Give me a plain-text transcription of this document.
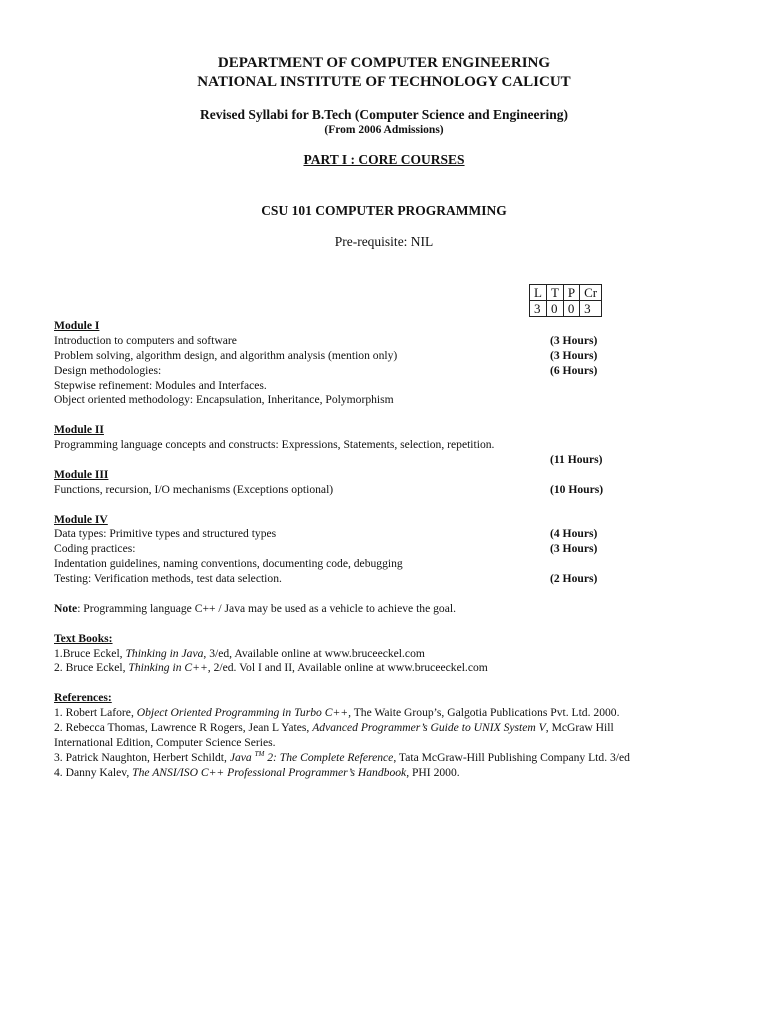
DEPARTMENT OF COMPUTER ENGINEERING
NATIONAL INSTITUTE OF TECHNOLOGY CALICUT
Revised Syllabi for B.Tech (Computer Science and Engineering)
(From 2006 Admissions)
PART I : CORE COURSES
CSU 101 COMPUTER PROGRAMMING
Pre-requisite: NIL
L	T	P	Cr
3	0	0	3
Module I
Introduction to computers and software	(3 Hours)
Problem solving, algorithm design, and algorithm analysis (mention only)	(3 Hours)
Design methodologies:	(6 Hours)
Stepwise refinement: Modules and Interfaces.
Object oriented methodology: Encapsulation, Inheritance, Polymorphism
Module II
Programming language concepts and constructs: Expressions, Statements, selection, repetition.
(11 Hours)
Module III
Functions, recursion, I/O mechanisms (Exceptions optional)	(10 Hours)
Module IV
Data types: Primitive types and structured types	(4 Hours)
Coding practices:	(3 Hours)
Indentation guidelines, naming conventions, documenting code, debugging
Testing: Verification methods, test data selection.	(2 Hours)
Note: Programming language C++ / Java may be used as a vehicle to achieve the goal.
Text Books:
1.Bruce Eckel, Thinking in Java, 3/ed, Available online at www.bruceeckel.com
2. Bruce Eckel, Thinking in C++, 2/ed. Vol I and II, Available online at www.bruceeckel.com
References:
1. Robert Lafore, Object Oriented Programming in Turbo C++, The Waite Group’s, Galgotia Publications Pvt. Ltd. 2000.
2. Rebecca Thomas, Lawrence R Rogers, Jean L Yates, Advanced Programmer’s Guide to UNIX System V, McGraw Hill
International Edition, Computer Science Series.
3. Patrick Naughton, Herbert Schildt, Java ™ 2: The Complete Reference, Tata McGraw-Hill Publishing Company Ltd. 3/ed
4. Danny Kalev, The ANSI/ISO C++ Professional Programmer’s Handbook, PHI 2000.
